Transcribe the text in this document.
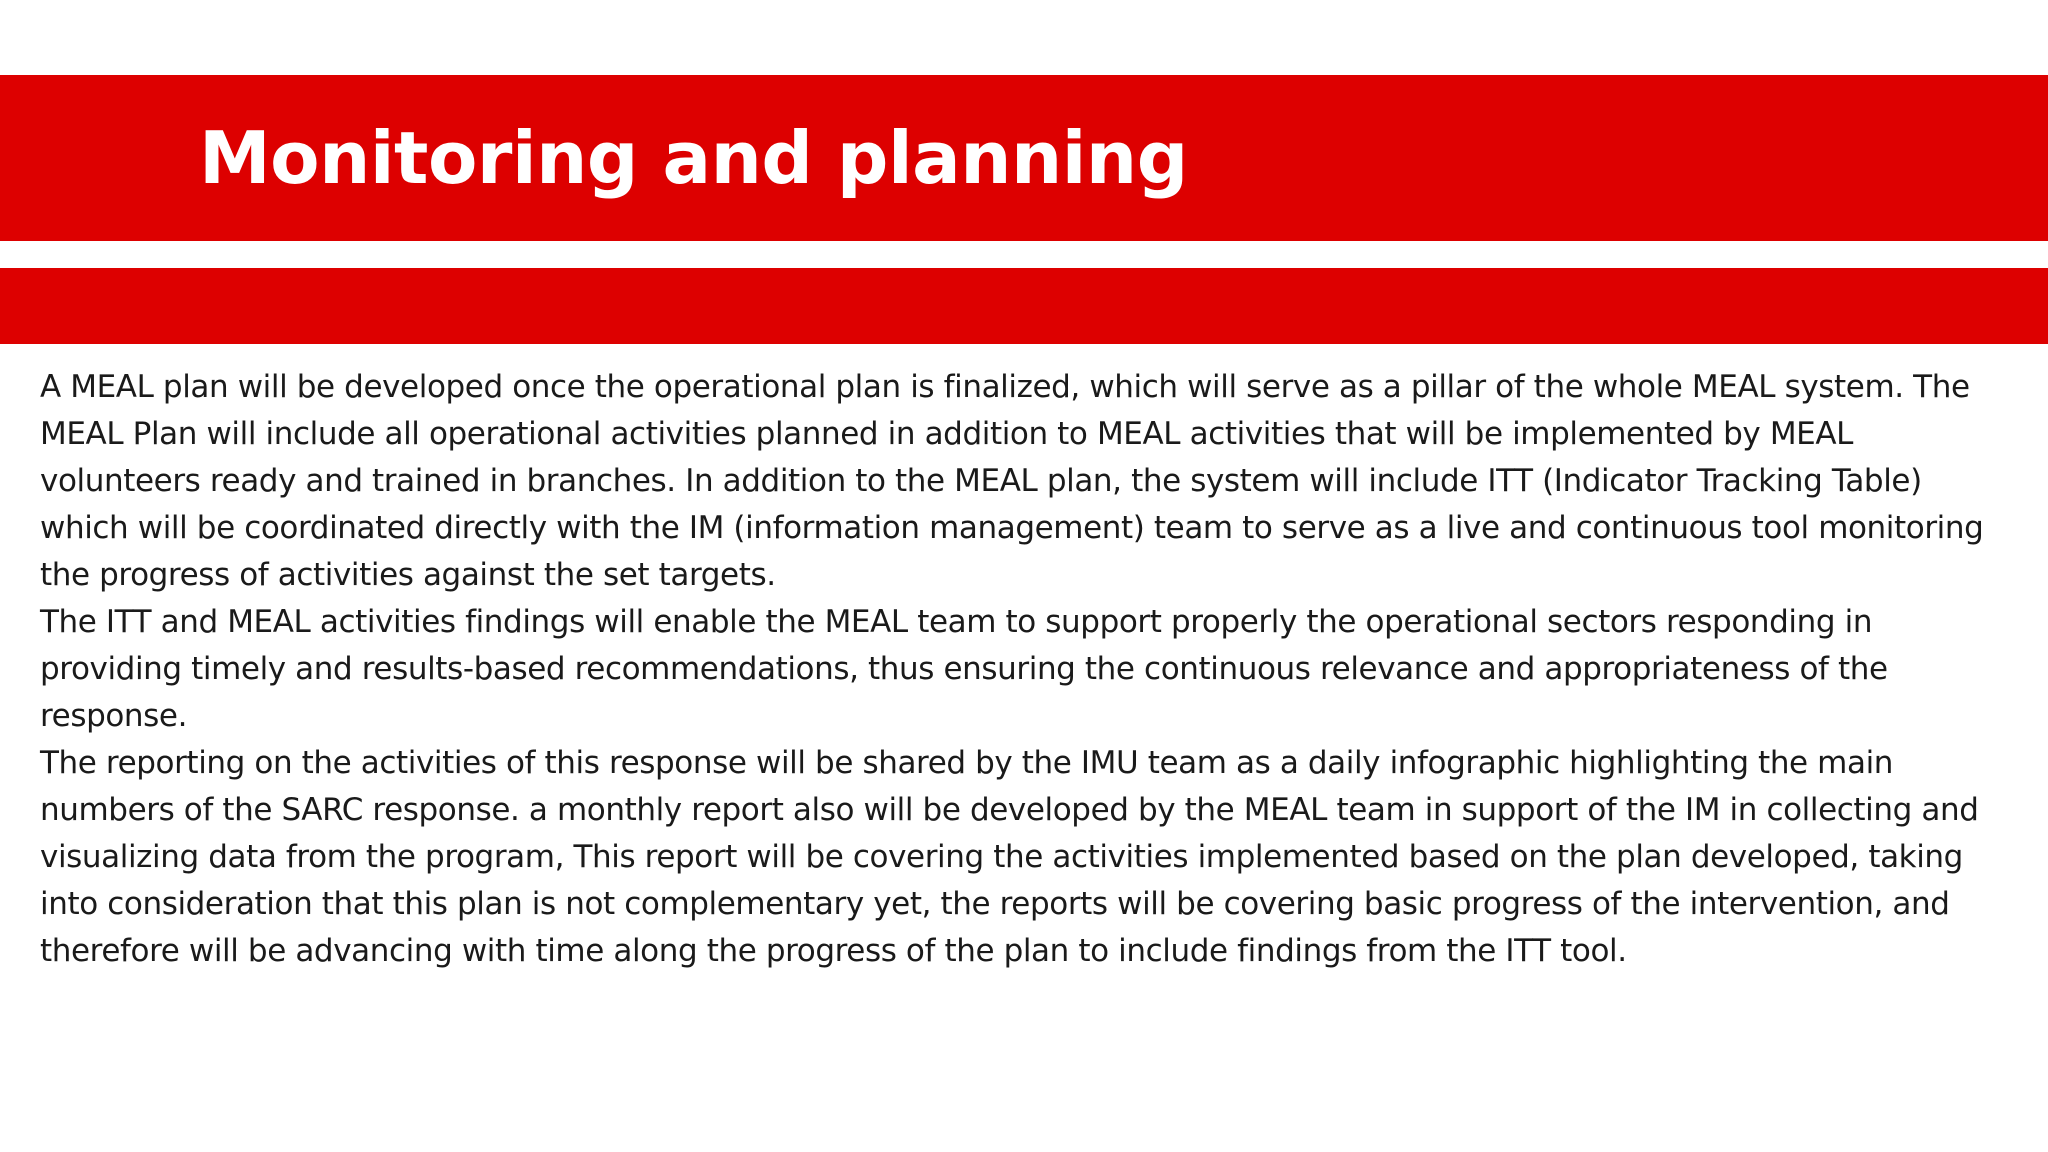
Monitoring and planning

A MEAL plan will be developed once the operational plan is finalized, which will serve as a pillar of the whole MEAL system. The MEAL Plan will include all operational activities planned in addition to MEAL activities that will be implemented by MEAL volunteers ready and trained in branches. In addition to the MEAL plan, the system will include ITT (Indicator Tracking Table) which will be coordinated directly with the IM (information management) team to serve as a live and continuous tool monitoring the progress of activities against the set targets.

The ITT and MEAL activities findings will enable the MEAL team to support properly the operational sectors responding in providing timely and results-based recommendations, thus ensuring the continuous relevance and appropriateness of the response.

The reporting on the activities of this response will be shared by the IMU team as a daily infographic highlighting the main numbers of the SARC response. a monthly report also will be developed by the MEAL team in support of the IM in collecting and visualizing data from the program, This report will be covering the activities implemented based on the plan developed, taking into consideration that this plan is not complementary yet, the reports will be covering basic progress of the intervention, and therefore will be advancing with time along the progress of the plan to include findings from the ITT tool.
